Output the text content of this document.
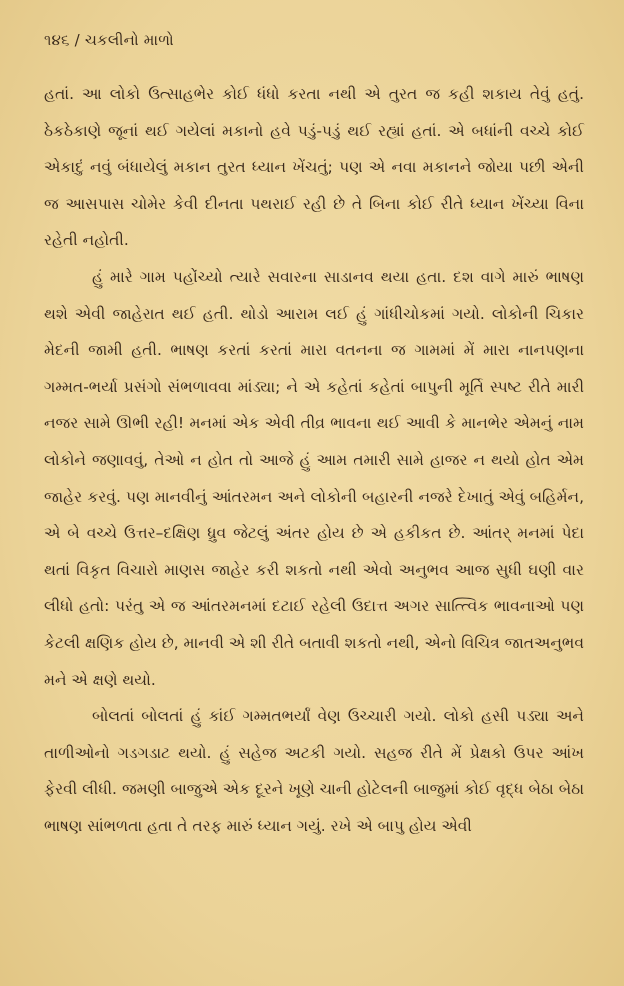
૧૪૬ / ચકલીનો માળો

હતાં. આ લોકો ઉત્સાહભેર કોઈ ધંધો કરતા નથી એ તુરત જ કહી શકાય તેવું હતું. ઠેકઠેકાણે જૂનાં થઈ ગયેલાં મકાનો હવે પડું-પડું થઈ રહ્યાં હતાં. એ બધાંની વચ્ચે કોઈ એકાદું નવું બંધાયેલું મકાન તુરત ધ્યાન ખેંચતું; પણ એ નવા મકાનને જોયા પછી એની જ આસપાસ ચોમેર કેવી દીનતા પથરાઈ રહી છે તે બિના કોઈ રીતે ધ્યાન ખેંચ્યા વિના રહેતી નહોતી.

હું મારે ગામ પહોંચ્યો ત્યારે સવારના સાડાનવ થયા હતા. દશ વાગે મારું ભાષણ થશે એવી જાહેરાત થઈ હતી. થોડો આરામ લઈ હું ગાંધીચોકમાં ગયો. લોકોની ચિકાર મેદની જામી હતી. ભાષણ કરતાં કરતાં મારા વતનના જ ગામમાં મેં મારા નાનપણના ગમ્મત-ભર્યા પ્રસંગો સંભળાવવા માંડ્યા; ને એ કહેતાં કહેતાં બાપુની મૂર્તિ સ્પષ્ટ રીતે મારી નજર સામે ઊભી રહી! મનમાં એક એવી તીવ્ર ભાવના થઈ આવી કે માનભેર એમનું નામ લોકોને જણાવવું, તેઓ ન હોત તો આજે હું આમ તમારી સામે હાજર ન થયો હોત એમ જાહેર કરવું. પણ માનવીનું આંતરમન અને લોકોની બહારની નજરે દેખાતું એવું બહિર્મન, એ બે વચ્ચે ઉત્તર–દક્ષિણ ધ્રુવ જેટલું અંતર હોય છે એ હકીકત છે. આંતર્ મનમાં પેદા થતાં વિકૃત વિચારો માણસ જાહેર કરી શકતો નથી એવો અનુભવ આજ સુધી ઘણી વાર લીધો હતો: પરંતુ એ જ આંતરમનમાં દટાઈ રહેલી ઉદાત્ત અગર સાત્ત્વિક ભાવનાઓ પણ કેટલી ક્ષણિક હોય છે, માનવી એ શી રીતે બતાવી શકતો નથી, એનો વિચિત્ર જાતઅનુભવ મને એ ક્ષણે થયો.

બોલતાં બોલતાં હું કાંઈ ગમ્મતભર્યાં વેણ ઉચ્ચારી ગયો. લોકો હસી પડ્યા અને તાળીઓનો ગડગડાટ થયો. હું સહેજ અટકી ગયો. સહજ રીતે મેં પ્રેક્ષકો ઉપર આંખ ફેરવી લીધી. જમણી બાજુએ એક દૂરને ખૂણે ચાની હોટેલની બાજુમાં કોઈ વૃદ્ધ બેઠા બેઠા ભાષણ સાંભળતા હતા તે તરફ મારું ધ્યાન ગયું. રખે એ બાપુ હોય એવી
